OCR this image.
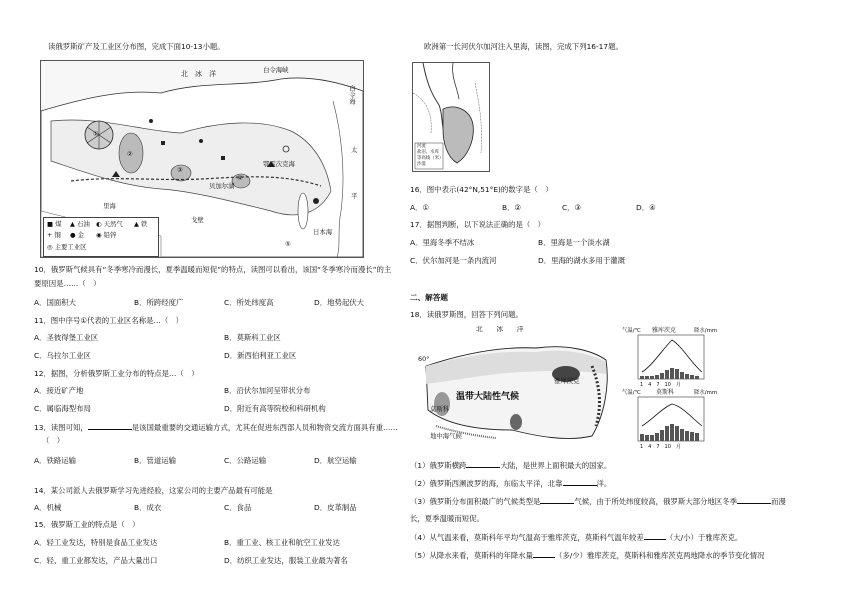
读俄罗斯矿产及工业区分布图，完成下面10-13小题。
北　冰　洋	白令海峡
白令海
太
平
鄂霍次克海
日本海
贝加尔湖
里海
戈壁
①
②
③
④
⑤
■ 煤 ▲ 石油 ◐ 天然气 ▲ 铁
+ 铜 ● 金 ◉ 铅锌
◎ 主要工业区
10．俄罗斯气候具有“冬季寒冷而漫长，夏季温暖而短促”的特点，读图可以看出，该国“冬季寒冷而漫长”的主
要原因是……（　）
A．国面积大	B．所跨经度广	C．所处纬度高	D．地势起伏大
11．图中序号①代表的工业区名称是…（　）
A．圣彼得堡工业区	B．莫斯科工业区
C．乌拉尔工业区	D．新西伯利亚工业区
12．据图，分析俄罗斯工业分布的特点是…（　）
A．接近矿产地	B．沿伏尔加河呈带状分布
C．属临海型布局	D．附近有高等院校和科研机构
13．读图可知，	是该国最重要的交通运输方式，尤其在促进东西部人员和物资交流方面具有重……
（　）
A．铁路运输	B．管道运输	C．公路运输	D．航空运输
14．某公司派人去俄罗斯学习先进经验，这家公司的主要产品最有可能是
A．机械	B．成衣	C．食品	D．皮革制品
15．俄罗斯工业的特点是（　）
A．轻工业发达，特别是食品工业发达	B．重工业、核工业和航空工业发达
C．轻、重工业都发达，产品大量出口	D．纺织工业发达，服装工业最为著名
欧洲第一长河伏尔加河注入里海，读图，完成下列16-17题。
河流
盐沼、水库
等高线（米）
沙漠
16．图中表示(42°N,51°E)的数字是（　）
A．①	B．②	C．③	D．④
17．据图判断，以下说法正确的是（　）
A．里海冬季不结冰	B．里海是一个淡水湖
C．伏尔加河是一条内流河	D．里海的湖水多用于灌溉
二、解答题
18．读俄罗斯图，回答下列问题。
北　　冰　　洋
温带大陆性气候
雅库茨克
莫斯科
地中海气候
60°
气温/℃ 雅库茨克	降水/mm
1　4　7　10　月
气温/℃	莫斯科	降水/mm
1　4　7　10　月
（1）俄罗斯横跨	大陆，是世界上面积最大的国家。
（2）俄罗斯西濒波罗的海，东临太平洋，北靠	洋。
（3）俄罗斯分布面积最广的气候类型是	气候，由于所处纬度较高，俄罗斯大部分地区冬季	而漫
长，夏季温暖而短促。
（4）从气温来看，莫斯科年平均气温高于雅库茨克，莫斯科气温年较差	（大/小）于雅库茨克。
（5）从降水来看，莫斯科的年降水量	（多/少）雅库茨克，莫斯科和雅库茨克两地降水的季节变化情况
